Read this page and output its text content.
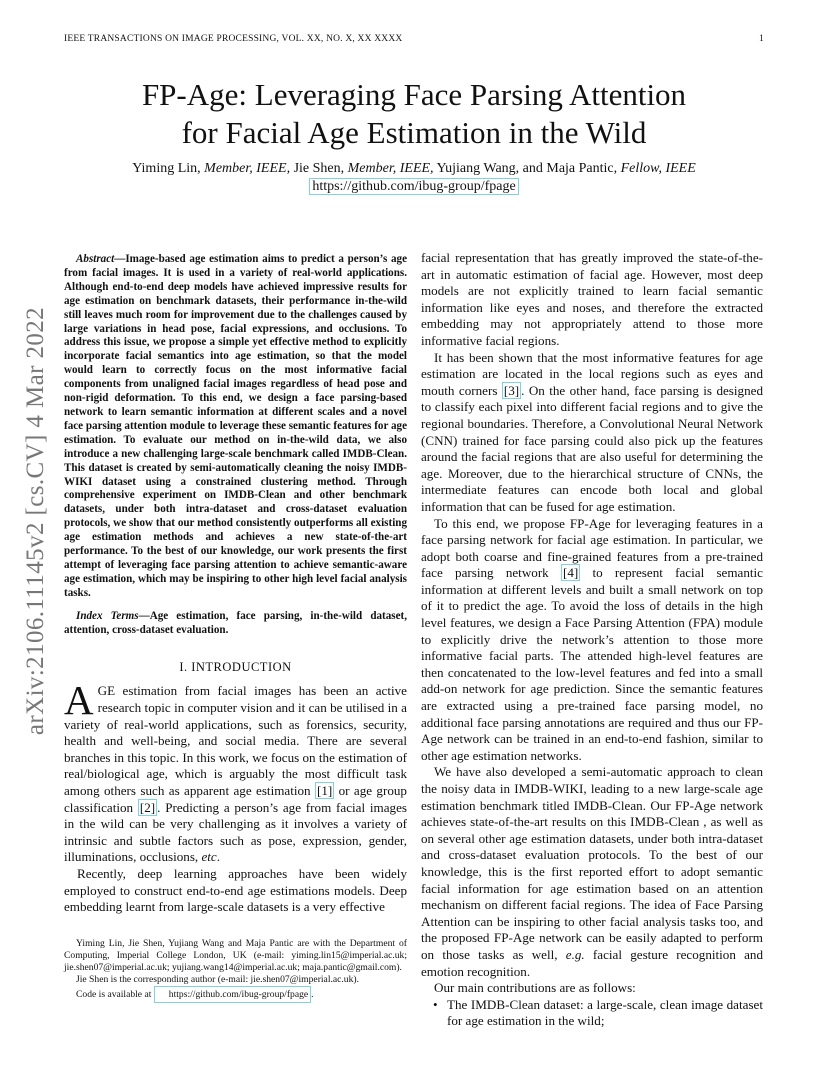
IEEE TRANSACTIONS ON IMAGE PROCESSING, VOL. XX, NO. X, XX XXXX	1
FP-Age: Leveraging Face Parsing Attention
for Facial Age Estimation in the Wild
Yiming Lin, Member, IEEE, Jie Shen, Member, IEEE, Yujiang Wang, and Maja Pantic, Fellow, IEEE
https://github.com/ibug-group/fpage
arXiv:2106.11145v2 [cs.CV] 4 Mar 2022

Abstract—Image-based age estimation aims to predict a person’s age from facial images. It is used in a variety of real-world applications. Although end-to-end deep models have achieved impressive results for age estimation on benchmark datasets, their performance in-the-wild still leaves much room for improvement due to the challenges caused by large variations in head pose, facial expressions, and occlusions. To address this issue, we propose a simple yet effective method to explicitly incorporate facial semantics into age estimation, so that the model would learn to correctly focus on the most informative facial components from unaligned facial images regardless of head pose and non-rigid deformation. To this end, we design a face parsing-based network to learn semantic information at different scales and a novel face parsing attention module to leverage these semantic features for age estimation. To evaluate our method on in-the-wild data, we also introduce a new challenging large-scale benchmark called IMDB-Clean. This dataset is created by semi-automatically cleaning the noisy IMDB-WIKI dataset using a constrained clustering method. Through comprehensive experiment on IMDB-Clean and other benchmark datasets, under both intra-dataset and cross-dataset evaluation protocols, we show that our method consistently outperforms all existing age estimation methods and achieves a new state-of-the-art performance. To the best of our knowledge, our work presents the first attempt of leveraging face parsing attention to achieve semantic-aware age estimation, which may be inspiring to other high level facial analysis tasks.

Index Terms—Age estimation, face parsing, in-the-wild dataset, attention, cross-dataset evaluation.

I. INTRODUCTION

AGE estimation from facial images has been an active research topic in computer vision and it can be utilised in a variety of real-world applications, such as forensics, security, health and well-being, and social media. There are several branches in this topic. In this work, we focus on the estimation of real/biological age, which is arguably the most difficult task among others such as apparent age estimation [1] or age group classification [2] . Predicting a person’s age from facial images in the wild can be very challenging as it involves a variety of intrinsic and subtle factors such as pose, expression, gender, illuminations, occlusions, etc.

Recently, deep learning approaches have been widely employed to construct end-to-end age estimations models. Deep embedding learnt from large-scale datasets is a very effective

Yiming Lin, Jie Shen, Yujiang Wang and Maja Pantic are with the Department of Computing, Imperial College London, UK (e-mail: yiming.lin15@imperial.ac.uk; jie.shen07@imperial.ac.uk; yujiang.wang14@imperial.ac.uk; maja.pantic@gmail.com).

Jie Shen is the corresponding author (e-mail: jie.shen07@imperial.ac.uk).

Code is available at https://github.com/ibug-group/fpage .

facial representation that has greatly improved the state-of-the-art in automatic estimation of facial age. However, most deep models are not explicitly trained to learn facial semantic information like eyes and noses, and therefore the extracted embedding may not appropriately attend to those more informative facial regions.

It has been shown that the most informative features for age estimation are located in the local regions such as eyes and mouth corners [3] . On the other hand, face parsing is designed to classify each pixel into different facial regions and to give the regional boundaries. Therefore, a Convolutional Neural Network (CNN) trained for face parsing could also pick up the features around the facial regions that are also useful for determining the age. Moreover, due to the hierarchical structure of CNNs, the intermediate features can encode both local and global information that can be fused for age estimation.

To this end, we propose FP-Age for leveraging features in a face parsing network for facial age estimation. In particular, we adopt both coarse and fine-grained features from a pre-trained face parsing network [4] to represent facial semantic information at different levels and built a small network on top of it to predict the age. To avoid the loss of details in the high level features, we design a Face Parsing Attention (FPA) module to explicitly drive the network’s attention to those more informative facial parts. The attended high-level features are then concatenated to the low-level features and fed into a small add-on network for age prediction. Since the semantic features are extracted using a pre-trained face parsing model, no additional face parsing annotations are required and thus our FP-Age network can be trained in an end-to-end fashion, similar to other age estimation networks.

We have also developed a semi-automatic approach to clean the noisy data in IMDB-WIKI, leading to a new large-scale age estimation benchmark titled IMDB-Clean. Our FP-Age network achieves state-of-the-art results on this IMDB-Clean , as well as on several other age estimation datasets, under both intra-dataset and cross-dataset evaluation protocols. To the best of our knowledge, this is the first reported effort to adopt semantic facial information for age estimation based on an attention mechanism on different facial regions. The idea of Face Parsing Attention can be inspiring to other facial analysis tasks too, and the proposed FP-Age network can be easily adapted to perform on those tasks as well, e.g. facial gesture recognition and emotion recognition.

Our main contributions are as follows:

• The IMDB-Clean dataset: a large-scale, clean image dataset for age estimation in the wild;
